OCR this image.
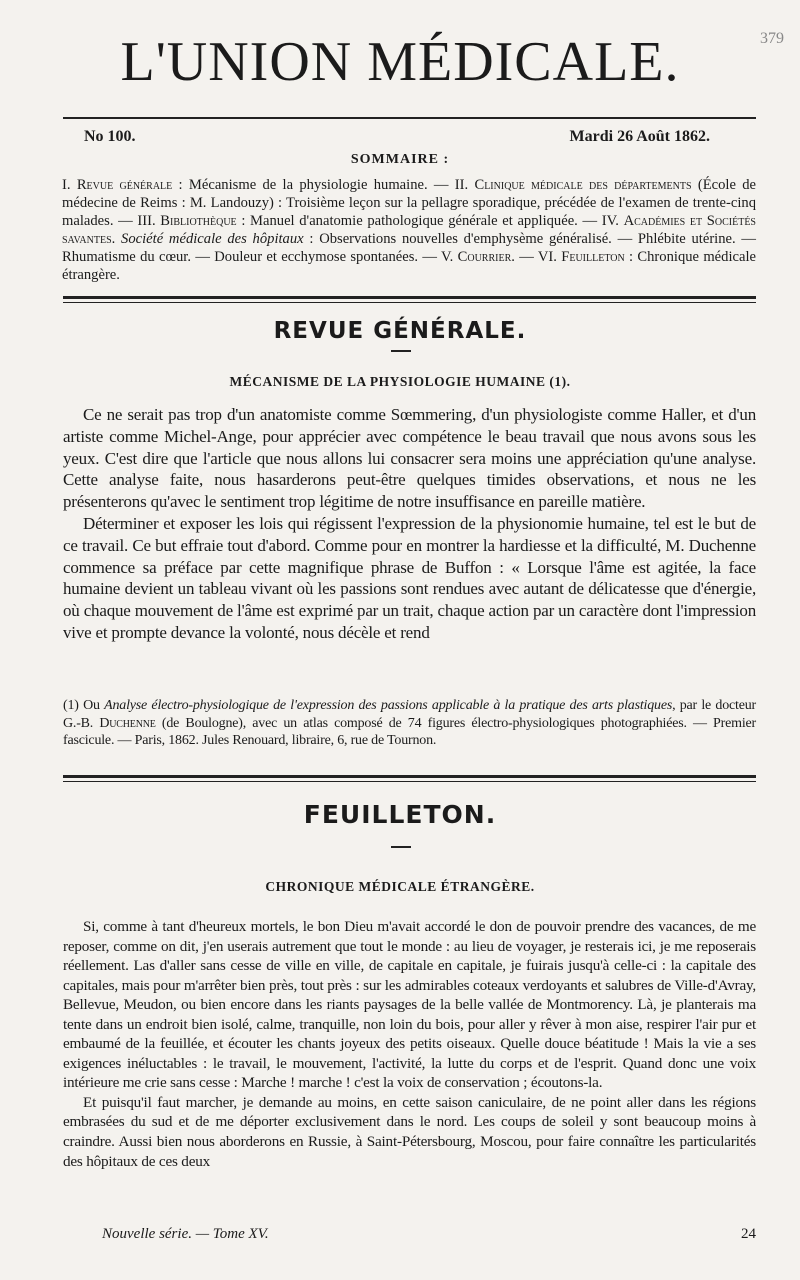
379
L'UNION MÉDICALE.
No 100.	Mardi 26 Août 1862.
SOMMAIRE :
I. Revue générale : Mécanisme de la physiologie humaine. — II. Clinique médicale des départements (École de médecine de Reims : M. Landouzy) : Troisième leçon sur la pellagre sporadique, précédée de l'examen de trente-cinq malades. — III. Bibliothèque : Manuel d'anatomie pathologique générale et appliquée. — IV. Académies et Sociétés savantes. Société médicale des hôpitaux : Observations nouvelles d'emphysème généralisé. — Phlébite utérine. — Rhumatisme du cœur. — Douleur et ecchymose spontanées. — V. Courrier. — VI. Feuilleton : Chronique médicale étrangère.
REVUE GÉNÉRALE.
MÉCANISME DE LA PHYSIOLOGIE HUMAINE (1).

Ce ne serait pas trop d'un anatomiste comme Sœmmering, d'un physiologiste comme Haller, et d'un artiste comme Michel-Ange, pour apprécier avec compétence le beau travail que nous avons sous les yeux. C'est dire que l'article que nous allons lui consacrer sera moins une appréciation qu'une analyse. Cette analyse faite, nous hasarderons peut-être quelques timides observations, et nous ne les présenterons qu'avec le sentiment trop légitime de notre insuffisance en pareille matière.

Déterminer et exposer les lois qui régissent l'expression de la physionomie humaine, tel est le but de ce travail. Ce but effraie tout d'abord. Comme pour en montrer la hardiesse et la difficulté, M. Duchenne commence sa préface par cette magnifique phrase de Buffon : « Lorsque l'âme est agitée, la face humaine devient un tableau vivant où les passions sont rendues avec autant de délicatesse que d'énergie, où chaque mouvement de l'âme est exprimé par un trait, chaque action par un caractère dont l'impression vive et prompte devance la volonté, nous décèle et rend

(1) Ou Analyse électro-physiologique de l'expression des passions applicable à la pratique des arts plastiques, par le docteur G.-B. Duchenne (de Boulogne), avec un atlas composé de 74 figures électro-physiologiques photographiées. — Premier fascicule. — Paris, 1862. Jules Renouard, libraire, 6, rue de Tournon.
FEUILLETON.
CHRONIQUE MÉDICALE ÉTRANGÈRE.

Si, comme à tant d'heureux mortels, le bon Dieu m'avait accordé le don de pouvoir prendre des vacances, de me reposer, comme on dit, j'en userais autrement que tout le monde : au lieu de voyager, je resterais ici, je me reposerais réellement. Las d'aller sans cesse de ville en ville, de capitale en capitale, je fuirais jusqu'à celle-ci : la capitale des capitales, mais pour m'arrêter bien près, tout près : sur les admirables coteaux verdoyants et salubres de Ville-d'Avray, Bellevue, Meudon, ou bien encore dans les riants paysages de la belle vallée de Montmorency. Là, je planterais ma tente dans un endroit bien isolé, calme, tranquille, non loin du bois, pour aller y rêver à mon aise, respirer l'air pur et embaumé de la feuillée, et écouter les chants joyeux des petits oiseaux. Quelle douce béatitude ! Mais la vie a ses exigences inéluctables : le travail, le mouvement, l'activité, la lutte du corps et de l'esprit. Quand donc une voix intérieure me crie sans cesse : Marche ! marche ! c'est la voix de conservation ; écoutons-la.

Et puisqu'il faut marcher, je demande au moins, en cette saison caniculaire, de ne point aller dans les régions embrasées du sud et de me déporter exclusivement dans le nord. Les coups de soleil y sont beaucoup moins à craindre. Aussi bien nous aborderons en Russie, à Saint-Pétersbourg, Moscou, pour faire connaître les particularités des hôpitaux de ces deux

Nouvelle série. — Tome XV.	24
